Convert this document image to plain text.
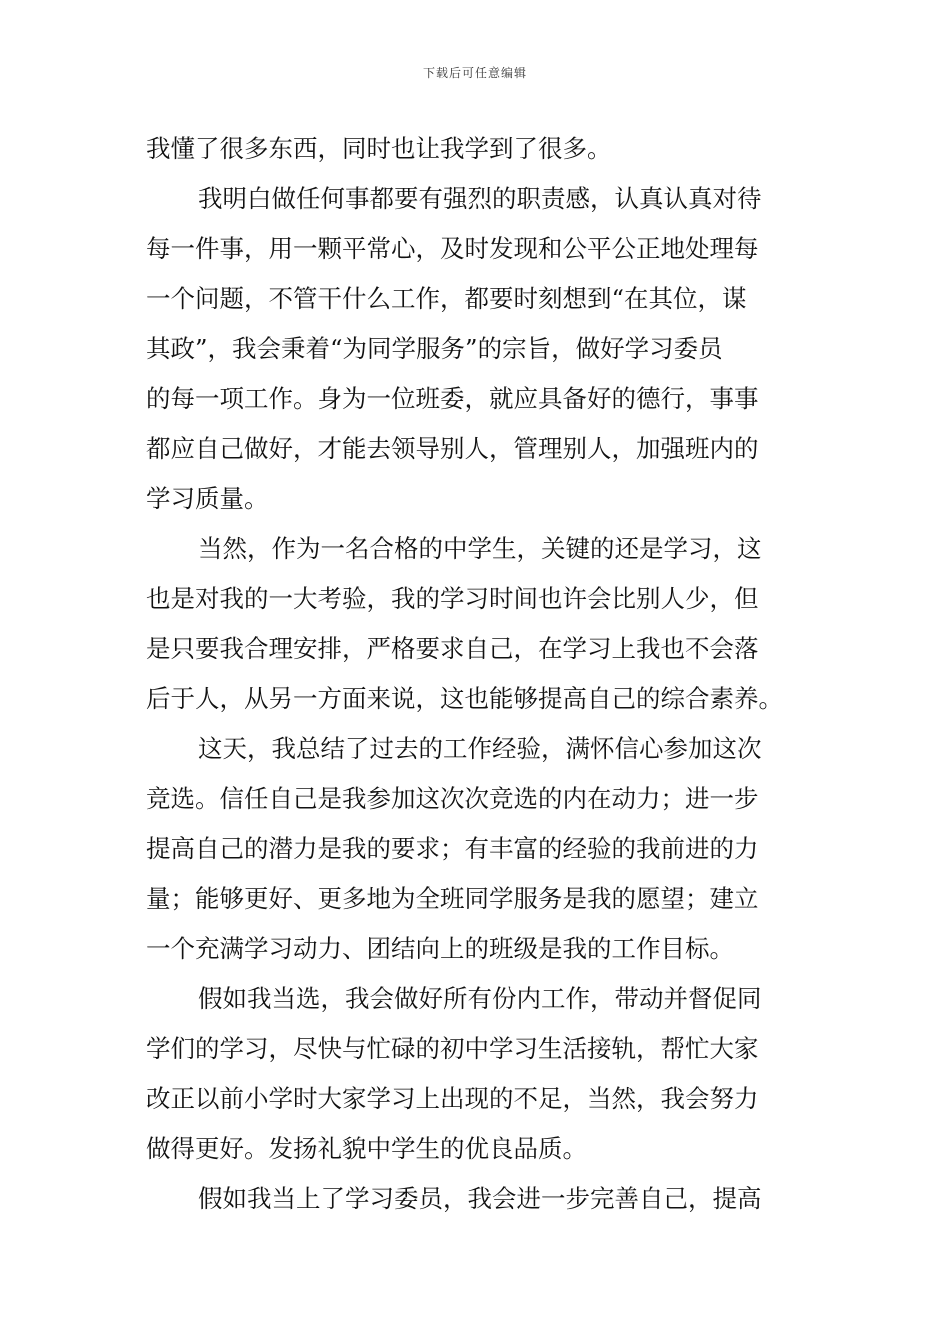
下载后可任意编辑
我懂了很多东西，同时也让我学到了很多。
我明白做任何事都要有强烈的职责感，认真认真对待
每一件事，用一颗平常心，及时发现和公平公正地处理每
一个问题，不管干什么工作，都要时刻想到“在其位，谋
其政”，我会秉着“为同学服务”的宗旨，做好学习委员
的每一项工作。身为一位班委，就应具备好的德行，事事
都应自己做好，才能去领导别人，管理别人，加强班内的
学习质量。
当然，作为一名合格的中学生，关键的还是学习，这
也是对我的一大考验，我的学习时间也许会比别人少，但
是只要我合理安排，严格要求自己，在学习上我也不会落
后于人，从另一方面来说，这也能够提高自己的综合素养。
这天，我总结了过去的工作经验，满怀信心参加这次
竞选。信任自己是我参加这次次竞选的内在动力；进一步
提高自己的潜力是我的要求；有丰富的经验的我前进的力
量；能够更好、更多地为全班同学服务是我的愿望；建立
一个充满学习动力、团结向上的班级是我的工作目标。
假如我当选，我会做好所有份内工作，带动并督促同
学们的学习，尽快与忙碌的初中学习生活接轨，帮忙大家
改正以前小学时大家学习上出现的不足，当然，我会努力
做得更好。发扬礼貌中学生的优良品质。
假如我当上了学习委员，我会进一步完善自己，提高
